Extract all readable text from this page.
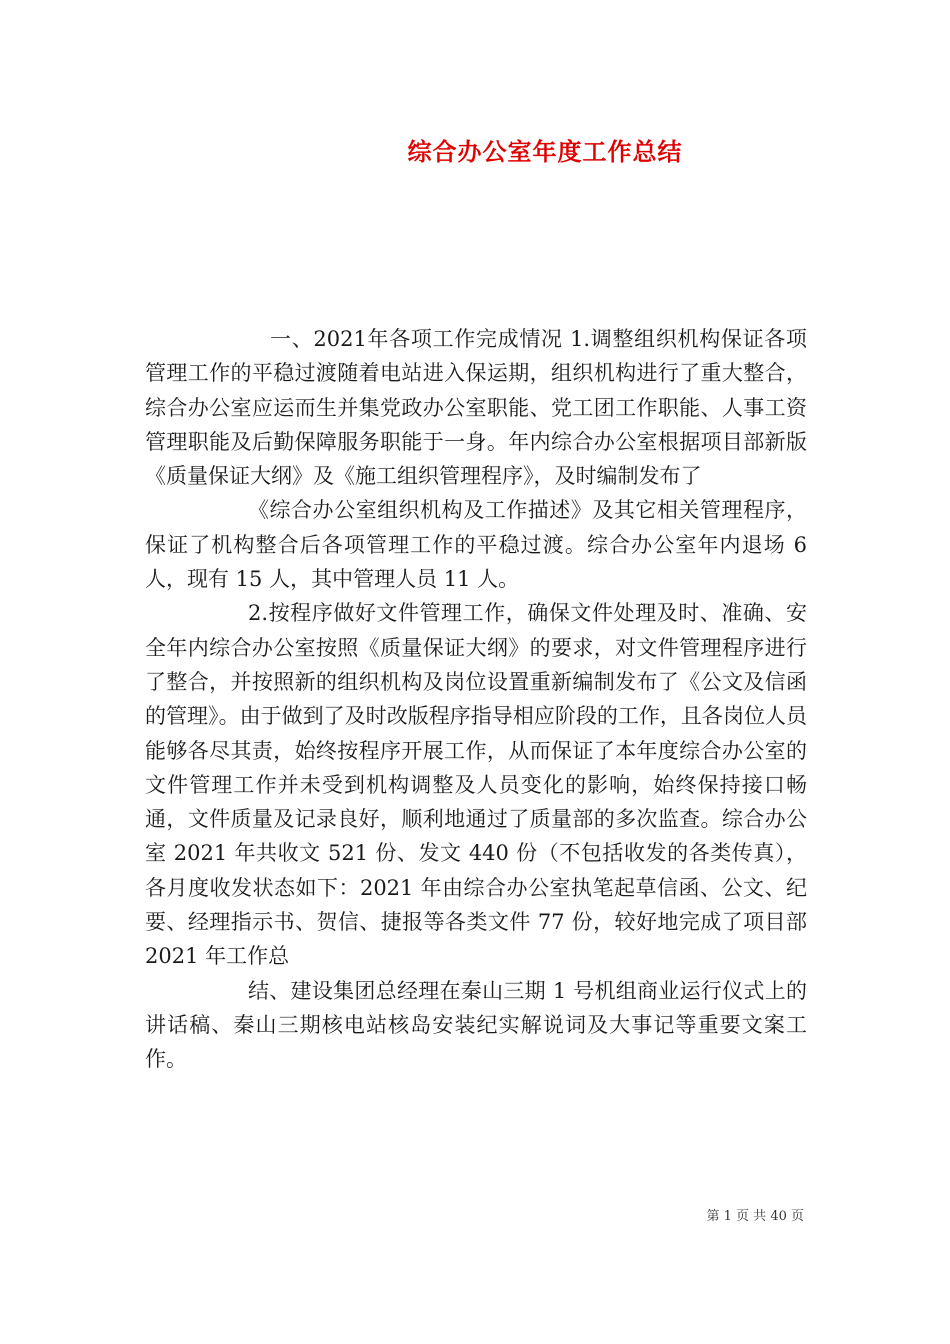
综合办公室年度工作总结

一、2021年各项工作完成情况 1.调整组织机构保证各项管理工作的平稳过渡随着电站进入保运期，组织机构进行了重大整合，综合办公室应运而生并集党政办公室职能、党工团工作职能、人事工资管理职能及后勤保障服务职能于一身。年内综合办公室根据项目部新版《质量保证大纲》及《施工组织管理程序》，及时编制发布了

《综合办公室组织机构及工作描述》及其它相关管理程序，保证了机构整合后各项管理工作的平稳过渡。综合办公室年内退场 6 人，现有 15 人，其中管理人员 11 人。

2.按程序做好文件管理工作，确保文件处理及时、准确、安全年内综合办公室按照《质量保证大纲》的要求，对文件管理程序进行了整合，并按照新的组织机构及岗位设置重新编制发布了《公文及信函的管理》。由于做到了及时改版程序指导相应阶段的工作，且各岗位人员能够各尽其责，始终按程序开展工作，从而保证了本年度综合办公室的文件管理工作并未受到机构调整及人员变化的影响，始终保持接口畅通，文件质量及记录良好，顺利地通过了质量部的多次监查。综合办公室 2021 年共收文 521 份、发文 440 份（不包括收发的各类传真），各月度收发状态如下：2021 年由综合办公室执笔起草信函、公文、纪要、经理指示书、贺信、捷报等各类文件 77 份，较好地完成了项目部 2021 年工作总

结、建设集团总经理在秦山三期 1 号机组商业运行仪式上的讲话稿、秦山三期核电站核岛安装纪实解说词及大事记等重要文案工作。

第 1 页 共 40 页
